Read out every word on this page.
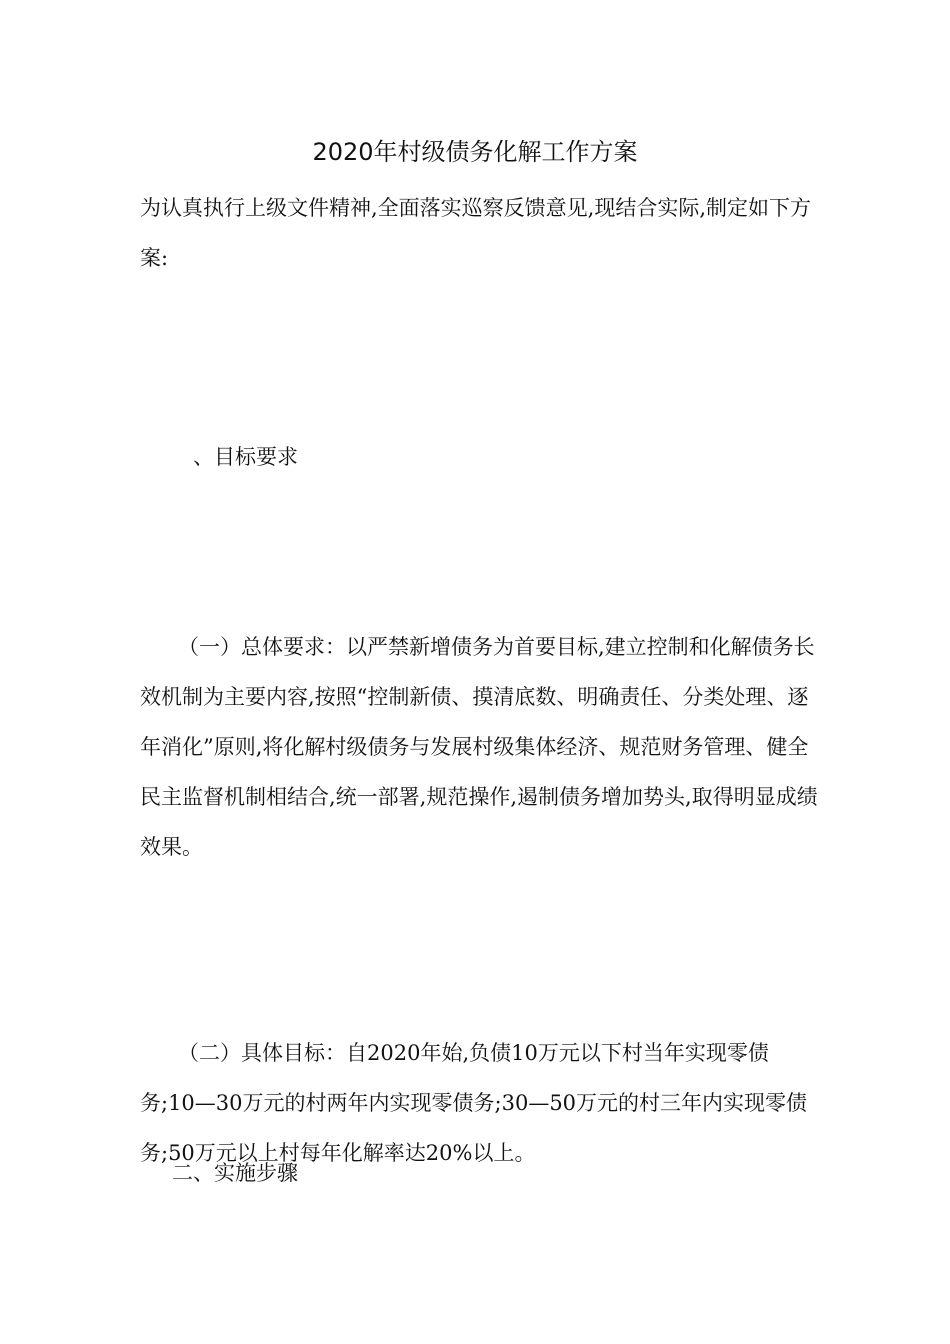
2020年村级债务化解工作方案

为认真执行上级文件精神,全面落实巡察反馈意见,现结合实际,制定如下方案:

、目标要求

（一）总体要求：以严禁新增债务为首要目标,建立控制和化解债务长效机制为主要内容,按照“控制新债、摸清底数、明确责任、分类处理、逐年消化”原则,将化解村级债务与发展村级集体经济、规范财务管理、健全民主监督机制相结合,统一部署,规范操作,遏制债务增加势头,取得明显成绩效果。

（二）具体目标：自2020年始,负债10万元以下村当年实现零债务;10—30万元的村两年内实现零债务;30—50万元的村三年内实现零债务;50万元以上村每年化解率达20%以上。

二、实施步骤
